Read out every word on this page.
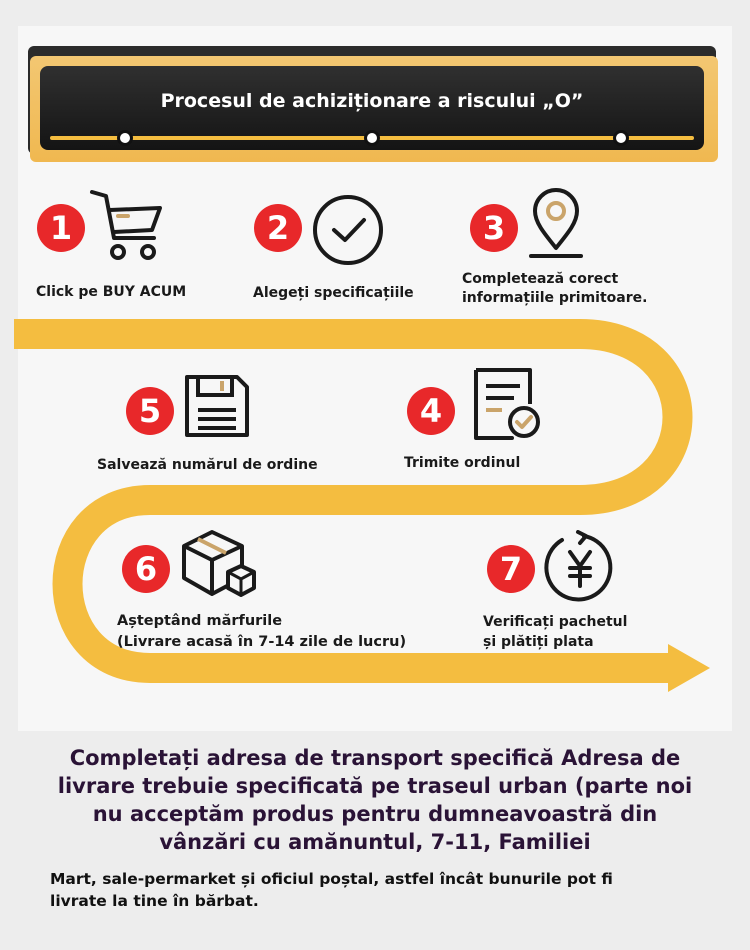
Procesul de achiziționare a riscului „O”
1
Click pe BUY ACUM
2
Alegeți specificațiile
3
Completează corect
informațiile primitoare.
5
Salvează numărul de ordine
4
Trimite ordinul
6
Așteptând mărfurile
(Livrare acasă în 7-14 zile de lucru)
7
Verificați pachetul
și plătiți plata
Completați adresa de transport specifică Adresa de
livrare trebuie specificată pe traseul urban (parte noi
nu acceptăm produs pentru dumneavoastră din
vânzări cu amănuntul, 7-11, Familiei
Mart, sale-permarket și oficiul poștal, astfel încât bunurile pot fi
livrate la tine în bărbat.
